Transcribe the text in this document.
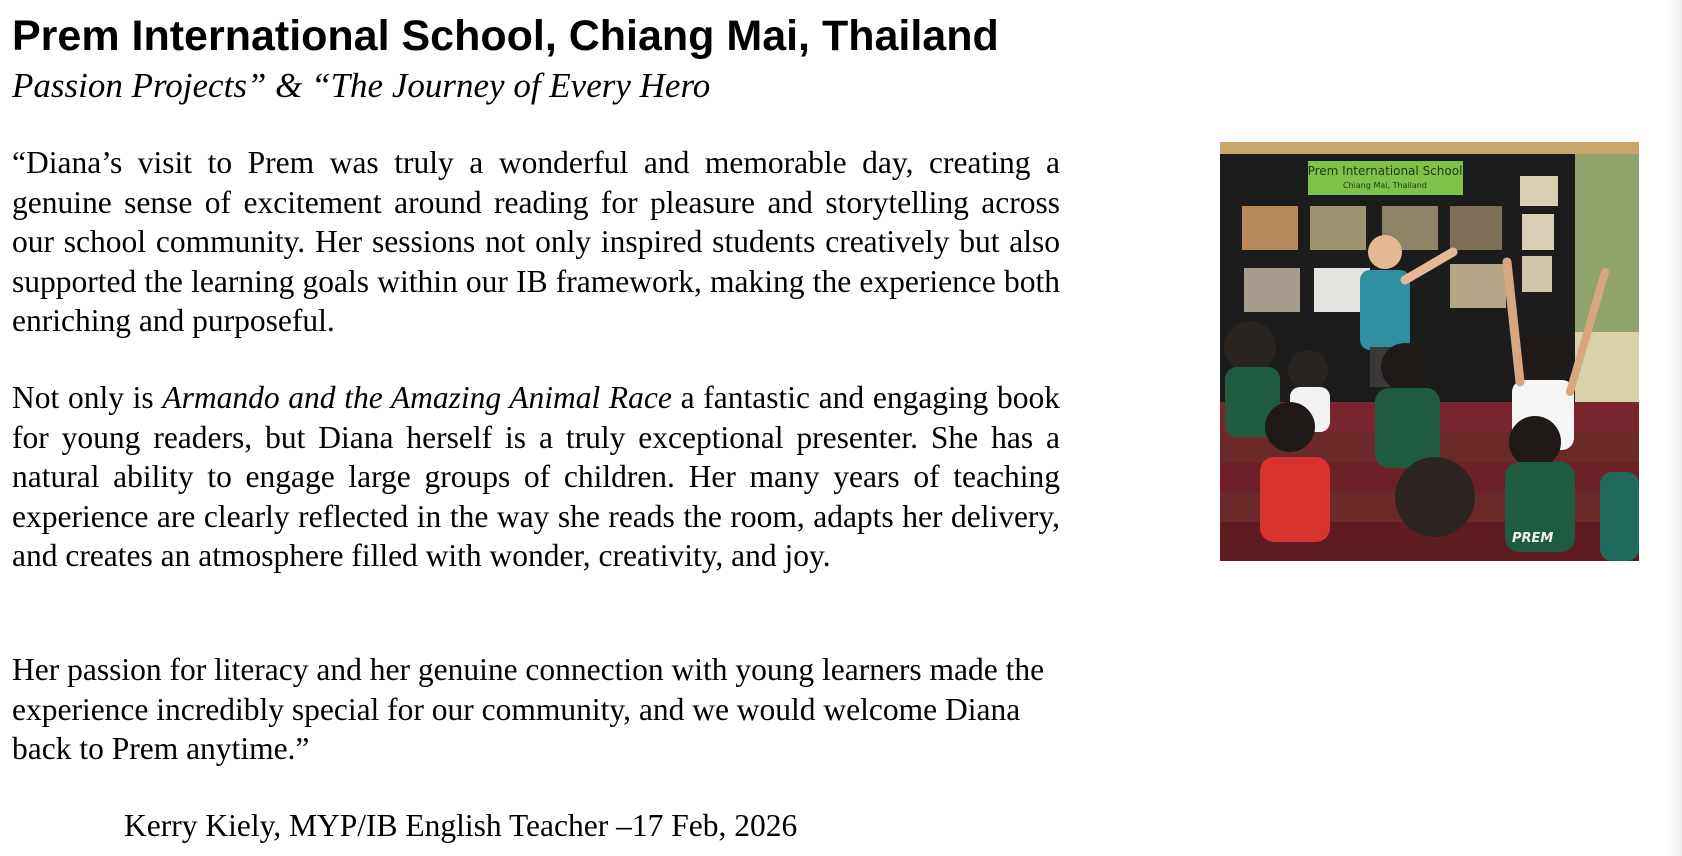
Prem International School, Chiang Mai, Thailand
Passion Projects” & “The Journey of Every Hero

“Diana’s visit to Prem was truly a wonderful and memorable day, creating a genuine sense of excitement around reading for pleasure and storytelling across our school community. Her sessions not only inspired students creatively but also supported the learning goals within our IB framework, making the experience both enriching and purposeful.

Not only is Armando and the Amazing Animal Race a fantastic and engaging book for young readers, but Diana herself is a truly exceptional presenter. She has a natural ability to engage large groups of children. Her many years of teaching experience are clearly reflected in the way she reads the room, adapts her delivery, and creates an atmosphere filled with wonder, creativity, and joy.

Her passion for literacy and her genuine connection with young learners made the experience incredibly special for our community, and we would welcome Diana back to Prem anytime.”

Kerry Kiely, MYP/IB English Teacher –17 Feb, 2026
Prem International School
Chiang Mai, Thailand
PREM
